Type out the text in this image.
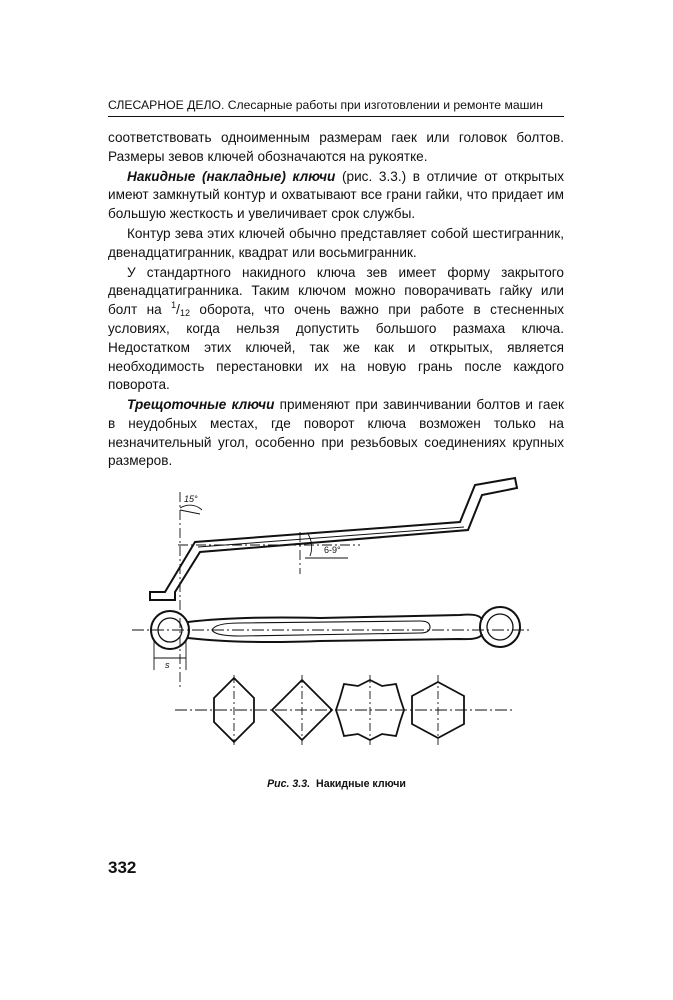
СЛЕСАРНОЕ ДЕЛО. Слесарные работы при изготовлении и ремонте машин

соответствовать одноименным размерам гаек или головок болтов. Размеры зевов ключей обозначаются на рукоятке.

Накидные (накладные) ключи (рис. 3.3.) в отличие от открытых имеют замкнутый контур и охватывают все грани гайки, что придает им большую жесткость и увеличивает срок службы.

Контур зева этих ключей обычно представляет собой шестигранник, двенадцатигранник, квадрат или восьмигранник.

У стандартного накидного ключа зев имеет форму закрытого двенадцатигранника. Таким ключом можно поворачивать гайку или болт на $^1$/12 оборота, что очень важно при работе в стесненных условиях, когда нельзя допустить большого размаха ключа. Недостатком этих ключей, так же как и открытых, является необходимость перестановки их на новую грань после каждого поворота.

Трещоточные ключи применяют при завинчивании болтов и гаек в неудобных местах, где поворот ключа возможен только на незначительный угол, особенно при резьбовых соединениях крупных размеров.

15°
6-9°
s
Рис. 3.3. Накидные ключи
332
